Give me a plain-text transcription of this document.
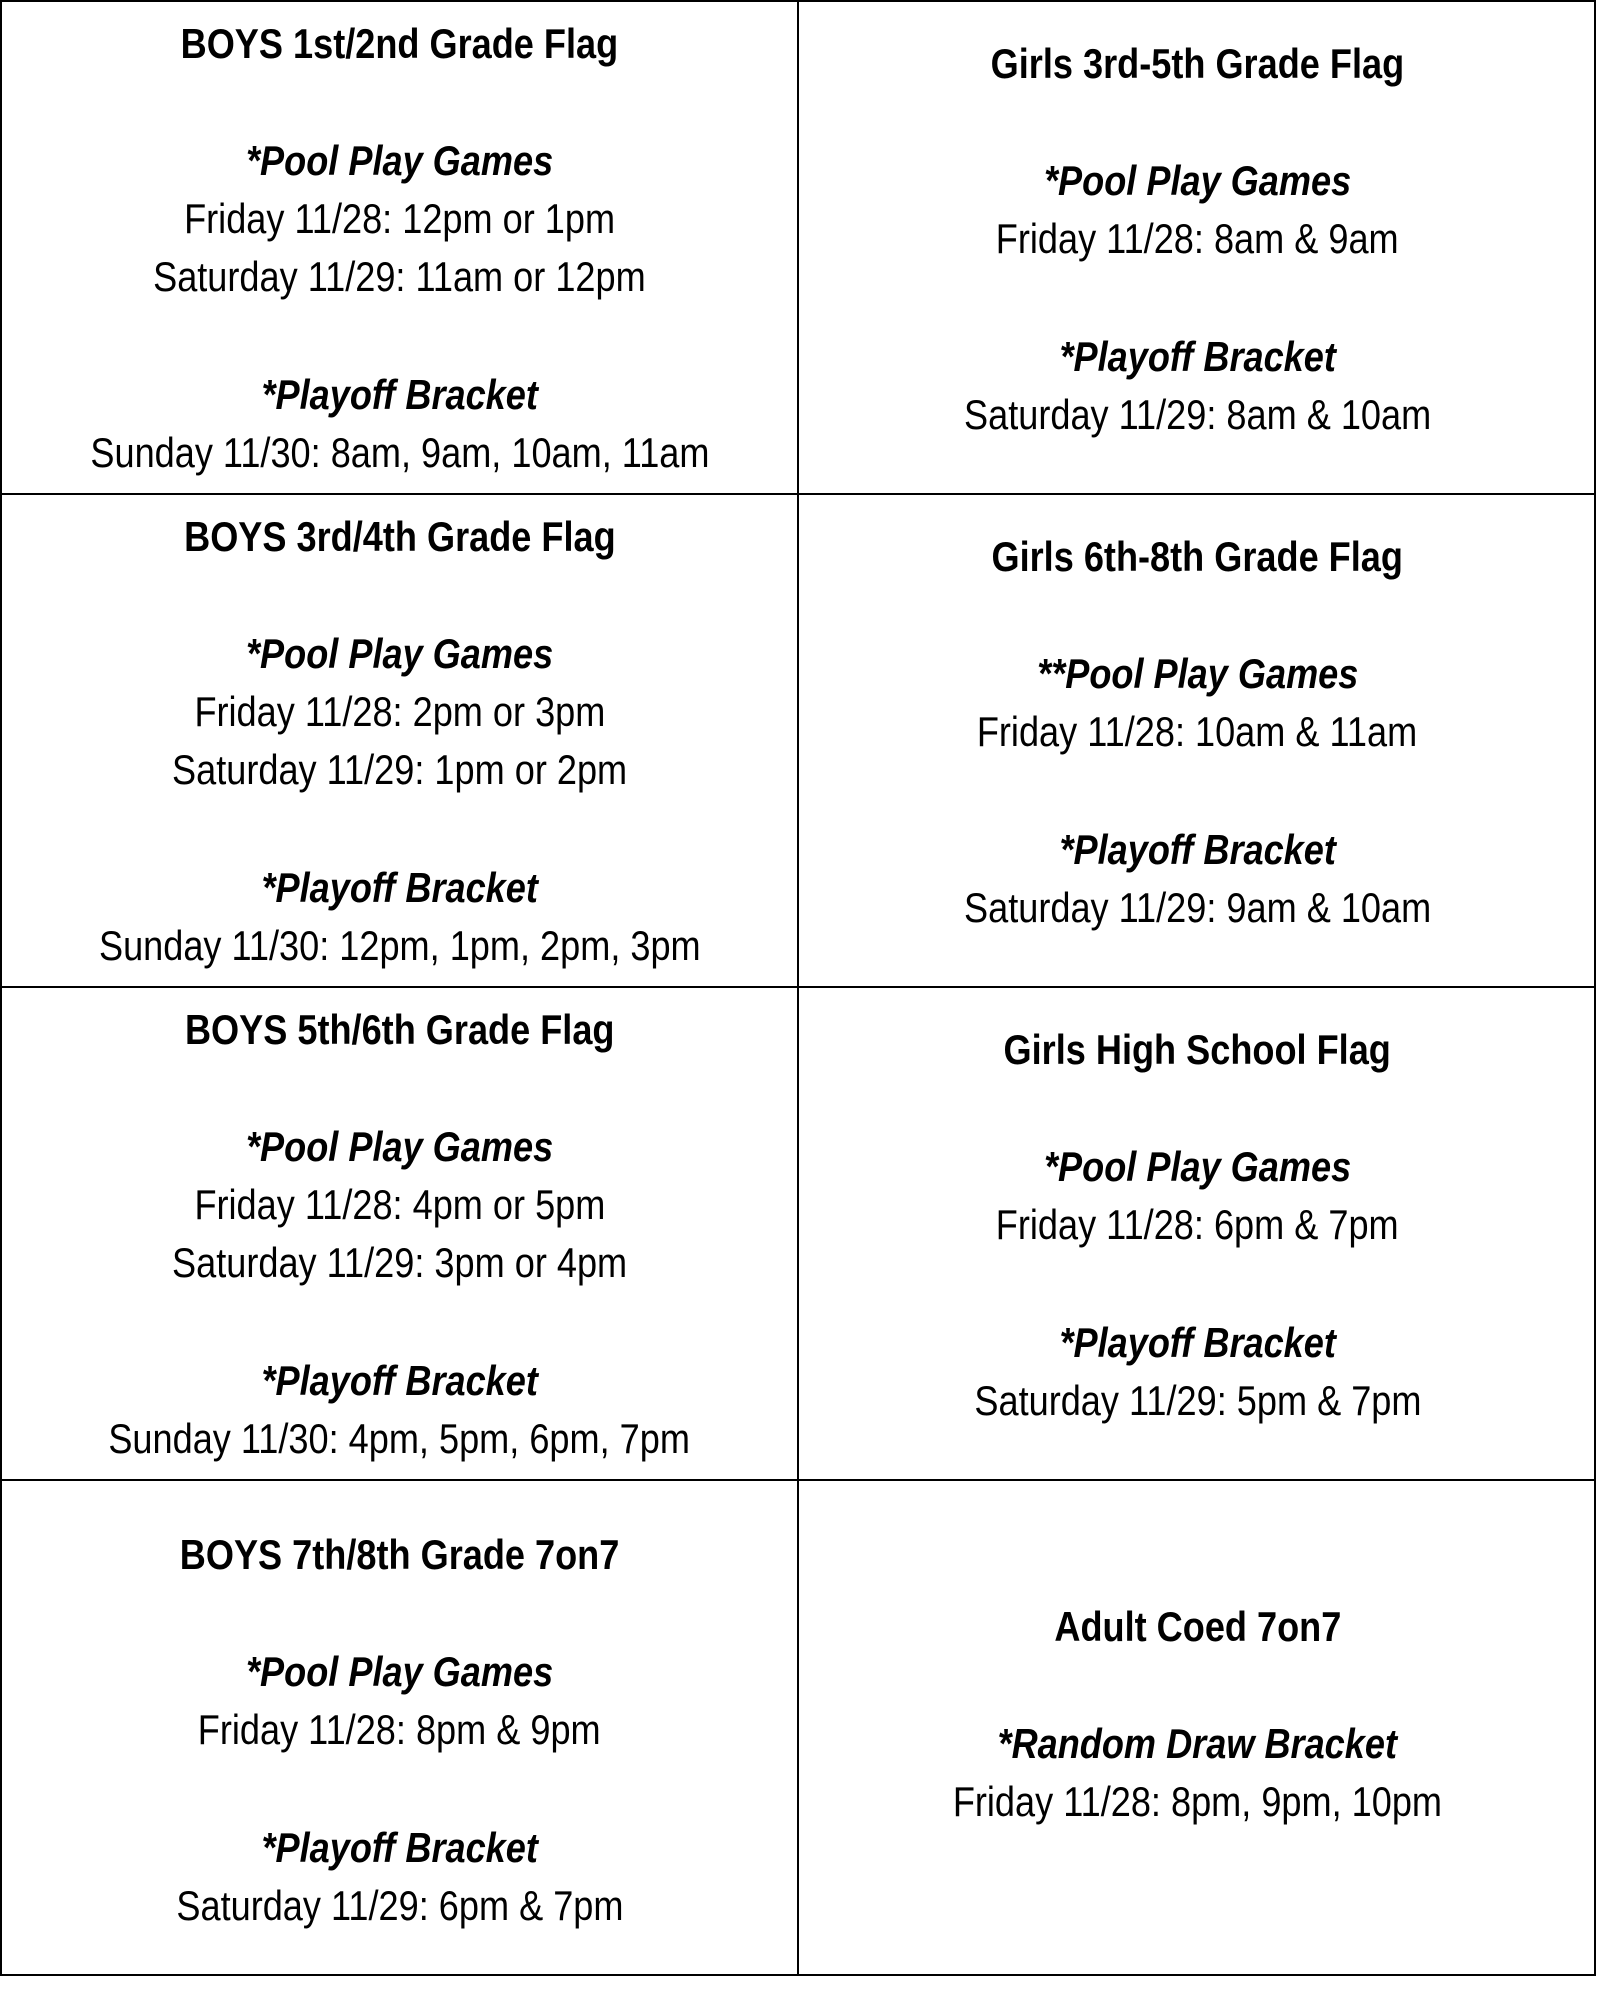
BOYS 1st/2nd Grade Flag
*Pool Play Games
Friday 11/28: 12pm or 1pm
Saturday 11/29: 11am or 12pm
*Playoff Bracket
Sunday 11/30: 8am, 9am, 10am, 11am
Girls 3rd-5th Grade Flag
*Pool Play Games
Friday 11/28: 8am & 9am
*Playoff Bracket
Saturday 11/29: 8am & 10am
BOYS 3rd/4th Grade Flag
*Pool Play Games
Friday 11/28: 2pm or 3pm
Saturday 11/29: 1pm or 2pm
*Playoff Bracket
Sunday 11/30: 12pm, 1pm, 2pm, 3pm
Girls 6th-8th Grade Flag
**Pool Play Games
Friday 11/28: 10am & 11am
*Playoff Bracket
Saturday 11/29: 9am & 10am
BOYS 5th/6th Grade Flag
*Pool Play Games
Friday 11/28: 4pm or 5pm
Saturday 11/29: 3pm or 4pm
*Playoff Bracket
Sunday 11/30: 4pm, 5pm, 6pm, 7pm
Girls High School Flag
*Pool Play Games
Friday 11/28: 6pm & 7pm
*Playoff Bracket
Saturday 11/29: 5pm & 7pm
BOYS 7th/8th Grade 7on7
*Pool Play Games
Friday 11/28: 8pm & 9pm
*Playoff Bracket
Saturday 11/29: 6pm & 7pm
Adult Coed 7on7
*Random Draw Bracket
Friday 11/28: 8pm, 9pm, 10pm
